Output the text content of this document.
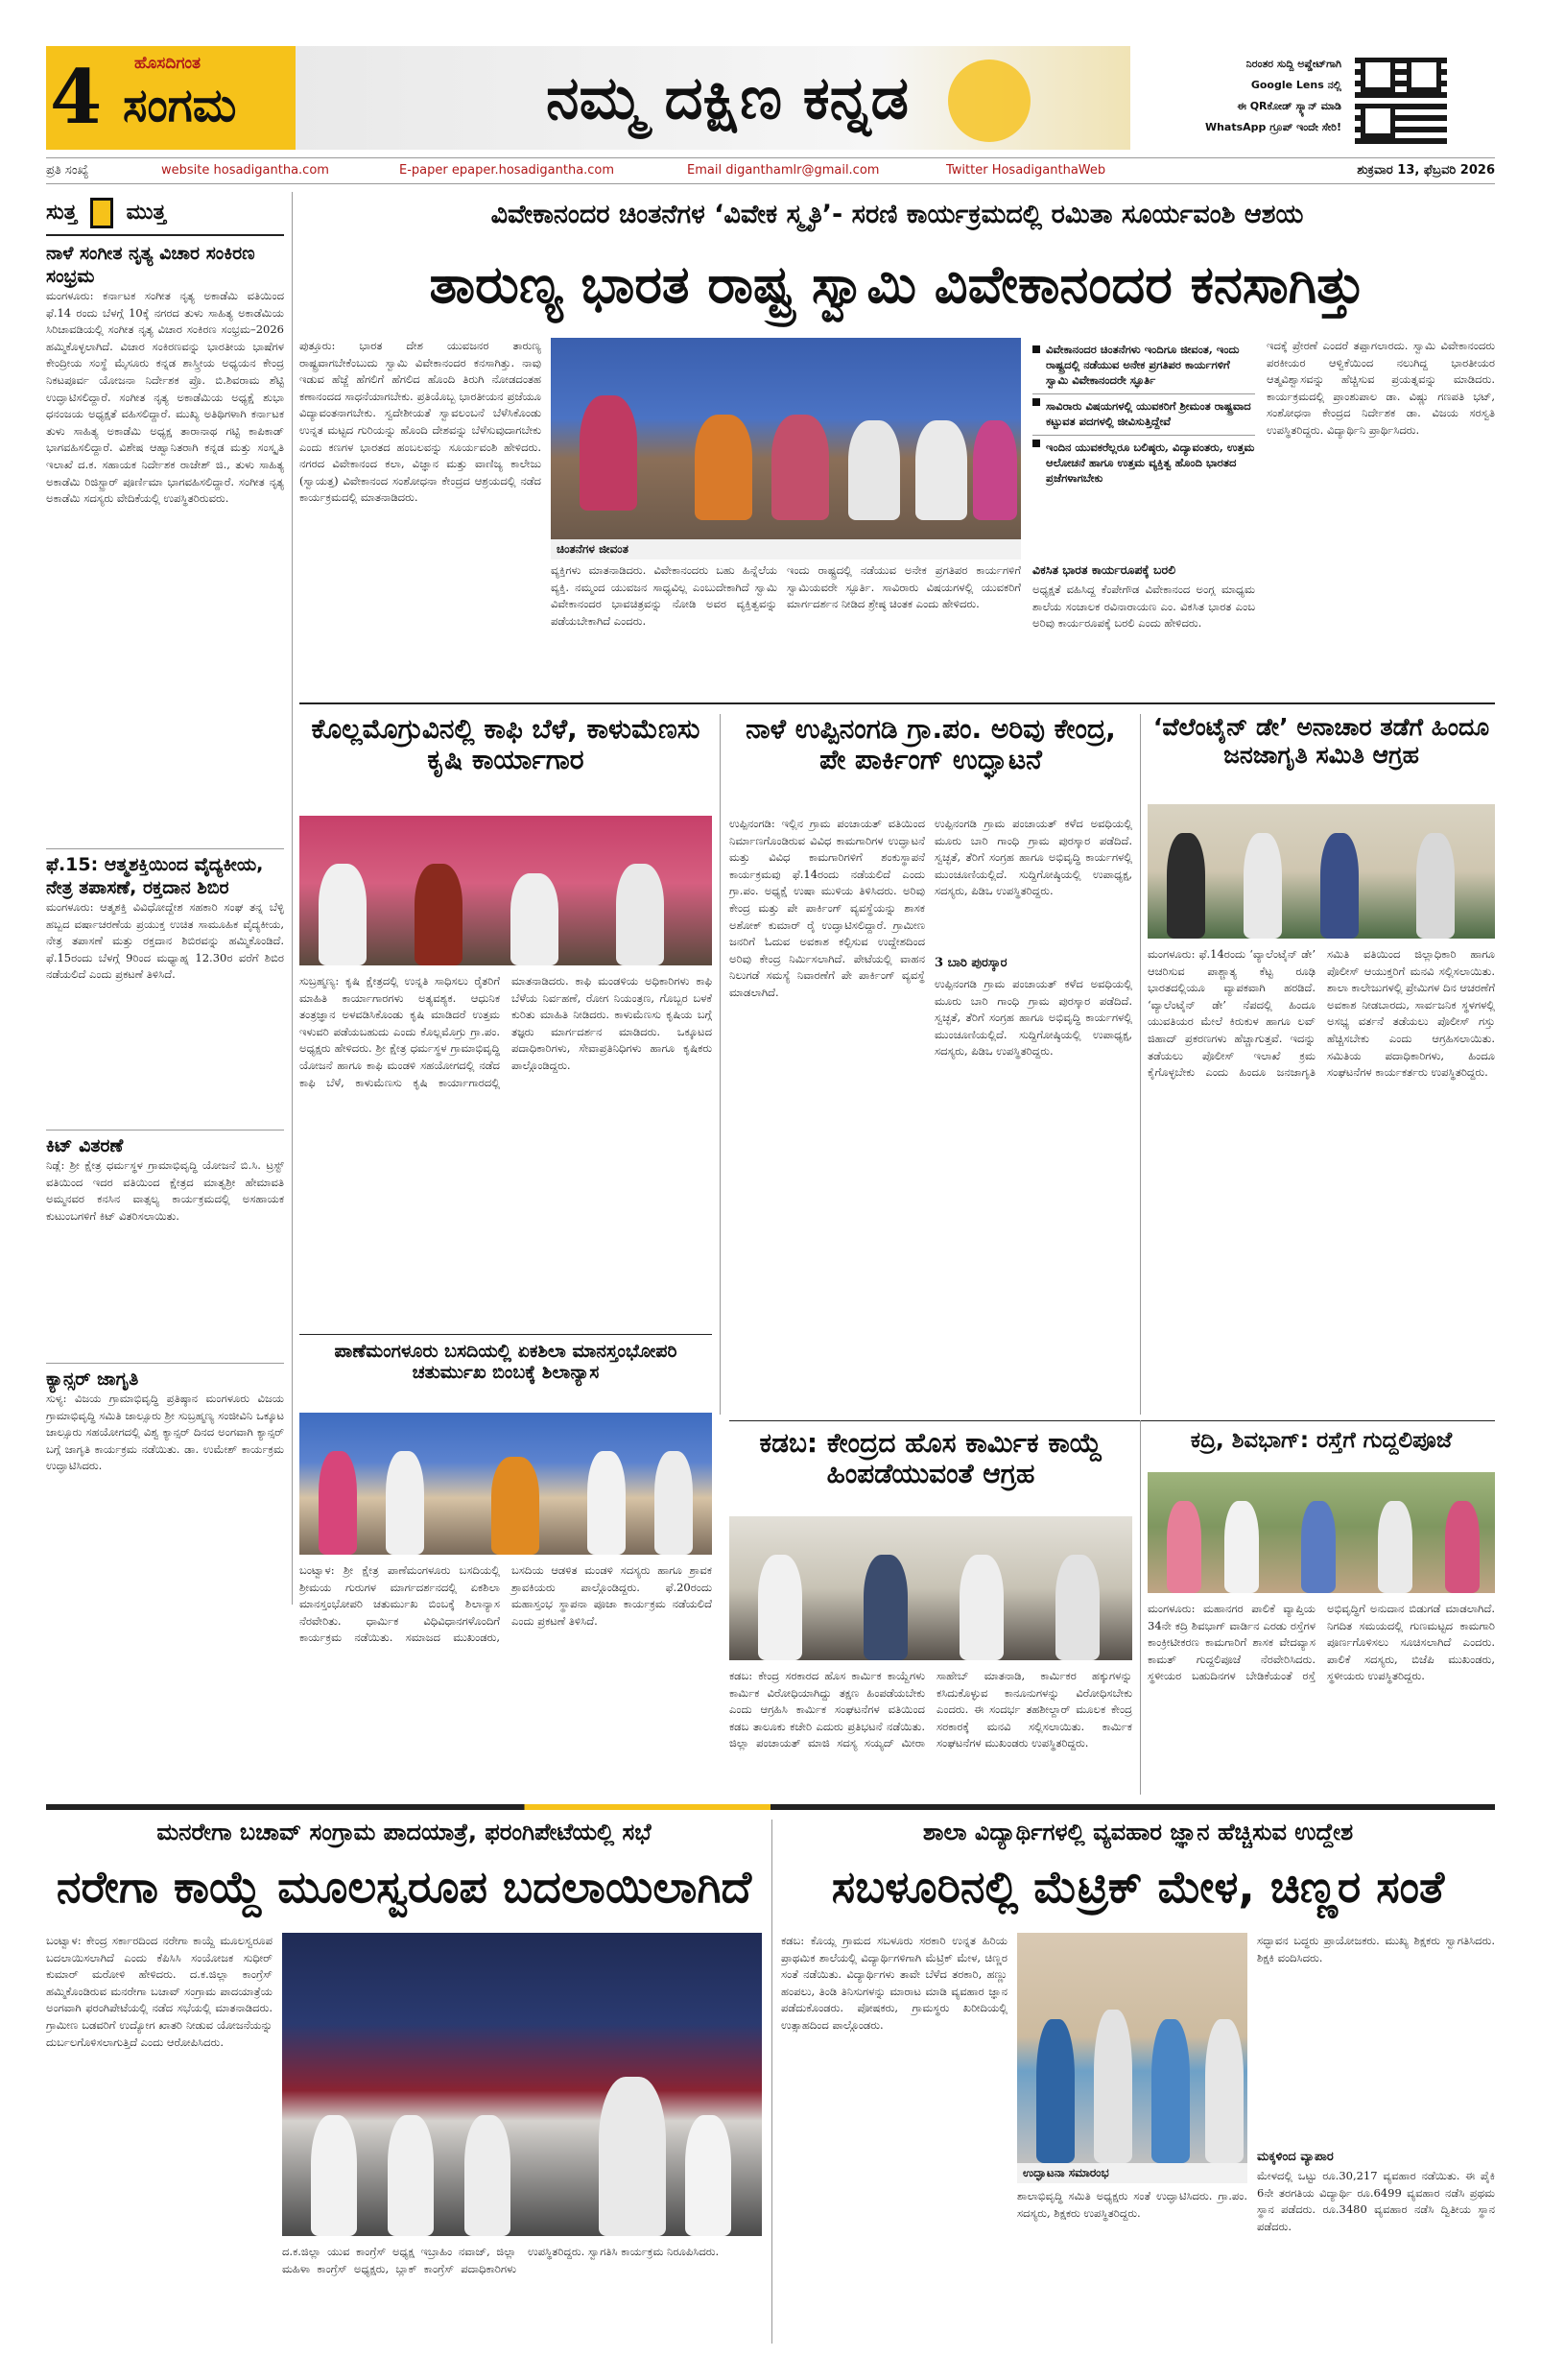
4 ಹೊಸದಿಗಂತ
ಸಂಗಮ	ನಮ್ಮ ದಕ್ಷಿಣ ಕನ್ನಡ	ನಿರಂತರ ಸುದ್ದಿ ಅಪ್ಡೇಟ್‌ಗಾಗಿ
Google Lens ನಲ್ಲಿ
ಈ QRಕೋಡ್ ಸ್ಕ್ಯಾನ್ ಮಾಡಿ
WhatsApp ಗ್ರೂಪ್ ಇಂದೇ ಸೇರಿ!
ಪ್ರತಿ ಸಂಖ್ಯೆ	website hosadigantha.com	E-paper epaper.hosadigantha.com	Email diganthamlr@gmail.com	Twitter HosadiganthaWeb	ಶುಕ್ರವಾರ 13, ಫೆಬ್ರವರಿ 2026
ಸುತ್ತ ಮುತ್ತ
ನಾಳೆ ಸಂಗೀತ ನೃತ್ಯ ವಿಚಾರ ಸಂಕಿರಣ ಸಂಭ್ರಮ
ಮಂಗಳೂರು: ಕರ್ನಾಟಕ ಸಂಗೀತ ನೃತ್ಯ ಅಕಾಡೆಮಿ ವತಿಯಿಂದ ಫೆ.14 ರಂದು ಬೆಳಗ್ಗೆ 10ಕ್ಕೆ ನಗರದ ತುಳು ಸಾಹಿತ್ಯ ಅಕಾಡೆಮಿಯ ಸಿರಿಚಾವಡಿಯಲ್ಲಿ ಸಂಗೀತ ನೃತ್ಯ ವಿಚಾರ ಸಂಕಿರಣ ಸಂಭ್ರಮ–2026 ಹಮ್ಮಿಕೊಳ್ಳಲಾಗಿದೆ. ವಿಚಾರ ಸಂಕಿರಣವನ್ನು ಭಾರತೀಯ ಭಾಷೆಗಳ ಕೇಂದ್ರೀಯ ಸಂಸ್ಥೆ ಮೈಸೂರು ಕನ್ನಡ ಶಾಸ್ತ್ರೀಯ ಅಧ್ಯಯನ ಕೇಂದ್ರ ನಿಕಟಪೂರ್ವ ಯೋಜನಾ ನಿರ್ದೇಶಕ ಪ್ರೊ. ಬಿ.ಶಿವರಾಮ ಶೆಟ್ಟಿ ಉದ್ಘಾಟಿಸಲಿದ್ದಾರೆ. ಸಂಗೀತ ನೃತ್ಯ ಅಕಾಡೆಮಿಯ ಅಧ್ಯಕ್ಷೆ ಶುಭಾ ಧನಂಜಯ ಅಧ್ಯಕ್ಷತೆ ವಹಿಸಲಿದ್ದಾರೆ. ಮುಖ್ಯ ಅತಿಥಿಗಳಾಗಿ ಕರ್ನಾಟಕ ತುಳು ಸಾಹಿತ್ಯ ಅಕಾಡೆಮಿ ಅಧ್ಯಕ್ಷ ತಾರಾನಾಥ ಗಟ್ಟಿ ಕಾಪಿಕಾಡ್ ಭಾಗವಹಿಸಲಿದ್ದಾರೆ. ವಿಶೇಷ ಆಹ್ವಾನಿತರಾಗಿ ಕನ್ನಡ ಮತ್ತು ಸಂಸ್ಕೃತಿ ಇಲಾಖೆ ದ.ಕ. ಸಹಾಯಕ ನಿರ್ದೇಶಕ ರಾಜೇಶ್ ಜಿ., ತುಳು ಸಾಹಿತ್ಯ ಅಕಾಡೆಮಿ ರಿಜಿಸ್ಟ್ರಾರ್ ಪೂರ್ಣಿಮಾ ಭಾಗವಹಿಸಲಿದ್ದಾರೆ. ಸಂಗೀತ ನೃತ್ಯ ಅಕಾಡೆಮಿ ಸದಸ್ಯರು ವೇದಿಕೆಯಲ್ಲಿ ಉಪಸ್ಥಿತರಿರುವರು.
ಫೆ.15: ಆತ್ಮಶಕ್ತಿಯಿಂದ ವೈದ್ಯಕೀಯ, ನೇತ್ರ ತಪಾಸಣೆ, ರಕ್ತದಾನ ಶಿಬಿರ
ಮಂಗಳೂರು: ಆತ್ಮಶಕ್ತಿ ವಿವಿಧೋದ್ದೇಶ ಸಹಕಾರಿ ಸಂಘ ತನ್ನ ಬೆಳ್ಳಿ ಹಬ್ಬದ ವರ್ಷಾಚರಣೆಯ ಪ್ರಯುಕ್ತ ಉಚಿತ ಸಾಮೂಹಿಕ ವೈದ್ಯಕೀಯ, ನೇತ್ರ ತಪಾಸಣೆ ಮತ್ತು ರಕ್ತದಾನ ಶಿಬಿರವನ್ನು ಹಮ್ಮಿಕೊಂಡಿದೆ. ಫೆ.15ರಂದು ಬೆಳಗ್ಗೆ 9ರಿಂದ ಮಧ್ಯಾಹ್ನ 12.30ರ ವರೆಗೆ ಶಿಬಿರ ನಡೆಯಲಿದೆ ಎಂದು ಪ್ರಕಟಣೆ ತಿಳಿಸಿದೆ.
ಕಿಟ್ ವಿತರಣೆ
ನಿಡ್ಲೆ: ಶ್ರೀ ಕ್ಷೇತ್ರ ಧರ್ಮಸ್ಥಳ ಗ್ರಾಮಾಭಿವೃದ್ಧಿ ಯೋಜನೆ ಬಿ.ಸಿ. ಟ್ರಸ್ಟ್ ವತಿಯಿಂದ ಇದರ ವತಿಯಿಂದ ಕ್ಷೇತ್ರದ ಮಾತೃಶ್ರೀ ಹೇಮಾವತಿ ಅಮ್ಮನವರ ಕನಸಿನ ವಾತ್ಸಲ್ಯ ಕಾರ್ಯಕ್ರಮದಲ್ಲಿ ಅಸಹಾಯಕ ಕುಟುಂಬಗಳಿಗೆ ಕಿಟ್ ವಿತರಿಸಲಾಯಿತು.
ಕ್ಯಾನ್ಸರ್ ಜಾಗೃತಿ
ಸುಳ್ಯ: ವಿಜಯ ಗ್ರಾಮಾಭಿವೃದ್ಧಿ ಪ್ರತಿಷ್ಠಾನ ಮಂಗಳೂರು ವಿಜಯ ಗ್ರಾಮಾಭಿವೃದ್ಧಿ ಸಮಿತಿ ಜಾಲ್ಸೂರು ಶ್ರೀ ಸುಬ್ರಹ್ಮಣ್ಯ ಸಂಜೀವಿನಿ ಒಕ್ಕೂಟ ಜಾಲ್ಸೂರು ಸಹಯೋಗದಲ್ಲಿ ವಿಶ್ವ ಕ್ಯಾನ್ಸರ್ ದಿನದ ಅಂಗವಾಗಿ ಕ್ಯಾನ್ಸರ್ ಬಗ್ಗೆ ಜಾಗೃತಿ ಕಾರ್ಯಕ್ರಮ ನಡೆಯಿತು. ಡಾ. ಉಮೇಶ್ ಕಾರ್ಯಕ್ರಮ ಉದ್ಘಾಟಿಸಿದರು.
ವಿವೇಕಾನಂದರ ಚಿಂತನೆಗಳ ‘ವಿವೇಕ ಸ್ಮೃತಿ’- ಸರಣಿ ಕಾರ್ಯಕ್ರಮದಲ್ಲಿ ರಮಿತಾ ಸೂರ್ಯವಂಶಿ ಆಶಯ
ತಾರುಣ್ಯ ಭಾರತ ರಾಷ್ಟ್ರ ಸ್ವಾಮಿ ವಿವೇಕಾನಂದರ ಕನಸಾಗಿತ್ತು
ಪುತ್ತೂರು: ಭಾರತ ದೇಶ ಯುವಜನರ ತಾರುಣ್ಯ ರಾಷ್ಟ್ರವಾಗಬೇಕೆಂಬುದು ಸ್ವಾಮಿ ವಿವೇಕಾನಂದರ ಕನಸಾಗಿತ್ತು. ನಾವು ಇಡುವ ಹೆಜ್ಜೆ ಹೆಗಲಿಗೆ ಹೆಗಲಿದ ಹೊಂದಿ ತಿರುಗಿ ನೋಡದಂತಹ ಕಣಾನಂದದ ಸಾಧನೆಯಾಗಬೇಕು. ಪ್ರತಿಯೊಬ್ಬ ಭಾರತೀಯನ ಪ್ರಜೆಯೂ ವಿದ್ಯಾವಂತನಾಗಬೇಕು. ಸ್ವದೇಶೀಯತೆ ಸ್ವಾವಲಂಬನೆ ಬೆಳೆಸಿಕೊಂಡು ಉನ್ನತ ಮಟ್ಟದ ಗುರಿಯನ್ನು ಹೊಂದಿ ದೇಶವನ್ನು ಬೆಳೆಸುವುದಾಗಬೇಕು ಎಂದು ಕಣಗಳ ಭಾರತದ ಹಂಬಲವನ್ನು ಸೂರ್ಯವಂಶಿ ಹೇಳಿದರು. ನಗರದ ವಿವೇಕಾನಂದ ಕಲಾ, ವಿಜ್ಞಾನ ಮತ್ತು ವಾಣಿಜ್ಯ ಕಾಲೇಜು (ಸ್ವಾಯತ್ತ) ವಿವೇಕಾನಂದ ಸಂಶೋಧನಾ ಕೇಂದ್ರದ ಆಶ್ರಯದಲ್ಲಿ ನಡೆದ ಕಾರ್ಯಕ್ರಮದಲ್ಲಿ ಮಾತನಾಡಿದರು.
ಚಿಂತನೆಗಳ ಜೀವಂತ
ವ್ಯಕ್ತಿಗಳು ಮಾತನಾಡಿದರು. ವಿವೇಕಾನಂದರು ಬಹು ಹಿನ್ನೆಲೆಯ ವ್ಯಕ್ತಿ. ನಮ್ಮಂದ ಯುವಜನ ಸಾಧ್ಯವಿಲ್ಲ ಎಂಬುದೇಕಾಗಿದೆ ಸ್ವಾಮಿ ವಿವೇಕಾನಂದರ ಭಾವಚಿತ್ರವನ್ನು ನೋಡಿ ಅವರ ವ್ಯಕ್ತಿತ್ವವನ್ನು ಪಡೆಯಬೇಕಾಗಿದೆ ಎಂದರು.
ಇಂದು ರಾಷ್ಟ್ರದಲ್ಲಿ ನಡೆಯುವ ಅನೇಕ ಪ್ರಗತಿಪರ ಕಾರ್ಯಗಳಿಗೆ ಸ್ವಾಮಿಯವರೇ ಸ್ಫೂರ್ತಿ. ಸಾವಿರಾರು ವಿಷಯಗಳಲ್ಲಿ ಯುವಕರಿಗೆ ಮಾರ್ಗದರ್ಶನ ನೀಡಿದ ಶ್ರೇಷ್ಠ ಚಿಂತಕ ಎಂದು ಹೇಳಿದರು.
ವಿವೇಕಾನಂದರ ಚಿಂತನೆಗಳು ಇಂದಿಗೂ ಜೀವಂತ, ಇಂದು ರಾಷ್ಟ್ರದಲ್ಲಿ ನಡೆಯುವ ಅನೇಕ ಪ್ರಗತಿಪರ ಕಾರ್ಯಗಳಿಗೆ ಸ್ವಾಮಿ ವಿವೇಕಾನಂದರೇ ಸ್ಫೂರ್ತಿ
ಸಾವಿರಾರು ವಿಷಯಗಳಲ್ಲಿ ಯುವಕರಿಗೆ ಶ್ರೀಮಂತ ರಾಷ್ಟ್ರವಾದ ಕಟ್ಟುವತ ಪದಗಳಲ್ಲಿ ಜೀವಿಸುತ್ತಿದ್ದೇವೆ
ಇಂದಿನ ಯುವಕರೆಲ್ಲರೂ ಬಲಿಷ್ಠರು, ವಿದ್ಯಾವಂತರು, ಉತ್ತಮ ಆಲೋಚನೆ ಹಾಗೂ ಉತ್ತಮ ವ್ಯಕ್ತಿತ್ವ ಹೊಂದಿ ಭಾರತದ ಪ್ರಜೆಗಳಾಗಬೇಕು
ವಿಕಸಿತ ಭಾರತ ಕಾರ್ಯರೂಪಕ್ಕೆ ಬರಲಿ
ಅಧ್ಯಕ್ಷತೆ ವಹಿಸಿದ್ದ ಕೆಂಪೇಗೌಡ ವಿವೇಕಾನಂದ ಅಂಗ್ಲ ಮಾಧ್ಯಮ ಶಾಲೆಯ ಸಂಚಾಲಕ ರವಿನಾರಾಯಣ ಎಂ. ವಿಕಸಿತ ಭಾರತ ಎಂಬ ಅರಿವು ಕಾರ್ಯರೂಪಕ್ಕೆ ಬರಲಿ ಎಂದು ಹೇಳಿದರು.
ಇದಕ್ಕೆ ಪ್ರೇರಣೆ ಎಂದರೆ ತಪ್ಪಾಗಲಾರದು. ಸ್ವಾಮಿ ವಿವೇಕಾನಂದರು ಪರಕೀಯರ ಆಳ್ವಿಕೆಯಿಂದ ನಲುಗಿದ್ದ ಭಾರತೀಯರ ಆತ್ಮವಿಶ್ವಾಸವನ್ನು ಹೆಚ್ಚಿಸುವ ಪ್ರಯತ್ನವನ್ನು ಮಾಡಿದರು. ಕಾರ್ಯಕ್ರಮದಲ್ಲಿ ಪ್ರಾಂಶುಪಾಲ ಡಾ. ವಿಷ್ಣು ಗಣಪತಿ ಭಟ್, ಸಂಶೋಧನಾ ಕೇಂದ್ರದ ನಿರ್ದೇಶಕ ಡಾ. ವಿಜಯ ಸರಸ್ವತಿ ಉಪಸ್ಥಿತರಿದ್ದರು. ವಿದ್ಯಾರ್ಥಿನಿ ಪ್ರಾರ್ಥಿಸಿದರು.
ಕೊಲ್ಲಮೊಗ್ರುವಿನಲ್ಲಿ ಕಾಫಿ ಬೆಳೆ, ಕಾಳುಮೆಣಸು ಕೃಷಿ ಕಾರ್ಯಾಗಾರ
ಸುಬ್ರಹ್ಮಣ್ಯ: ಕೃಷಿ ಕ್ಷೇತ್ರದಲ್ಲಿ ಉನ್ನತಿ ಸಾಧಿಸಲು ರೈತರಿಗೆ ಮಾಹಿತಿ ಕಾರ್ಯಾಗಾರಗಳು ಅತ್ಯವಶ್ಯಕ. ಆಧುನಿಕ ತಂತ್ರಜ್ಞಾನ ಅಳವಡಿಸಿಕೊಂಡು ಕೃಷಿ ಮಾಡಿದರೆ ಉತ್ತಮ ಇಳುವರಿ ಪಡೆಯಬಹುದು ಎಂದು ಕೊಲ್ಲಮೊಗ್ರು ಗ್ರಾ.ಪಂ. ಅಧ್ಯಕ್ಷರು ಹೇಳಿದರು. ಶ್ರೀ ಕ್ಷೇತ್ರ ಧರ್ಮಸ್ಥಳ ಗ್ರಾಮಾಭಿವೃದ್ಧಿ ಯೋಜನೆ ಹಾಗೂ ಕಾಫಿ ಮಂಡಳಿ ಸಹಯೋಗದಲ್ಲಿ ನಡೆದ ಕಾಫಿ ಬೆಳೆ, ಕಾಳುಮೆಣಸು ಕೃಷಿ ಕಾರ್ಯಾಗಾರದಲ್ಲಿ ಮಾತನಾಡಿದರು. ಕಾಫಿ ಮಂಡಳಿಯ ಅಧಿಕಾರಿಗಳು ಕಾಫಿ ಬೆಳೆಯ ನಿರ್ವಹಣೆ, ರೋಗ ನಿಯಂತ್ರಣ, ಗೊಬ್ಬರ ಬಳಕೆ ಕುರಿತು ಮಾಹಿತಿ ನೀಡಿದರು. ಕಾಳುಮೆಣಸು ಕೃಷಿಯ ಬಗ್ಗೆ ತಜ್ಞರು ಮಾರ್ಗದರ್ಶನ ಮಾಡಿದರು. ಒಕ್ಕೂಟದ ಪದಾಧಿಕಾರಿಗಳು, ಸೇವಾಪ್ರತಿನಿಧಿಗಳು ಹಾಗೂ ಕೃಷಿಕರು ಪಾಲ್ಗೊಂಡಿದ್ದರು.
ನಾಳೆ ಉಪ್ಪಿನಂಗಡಿ ಗ್ರಾ.ಪಂ. ಅರಿವು ಕೇಂದ್ರ, ಪೇ ಪಾರ್ಕಿಂಗ್ ಉದ್ಘಾಟನೆ
ಉಪ್ಪಿನಂಗಡಿ: ಇಲ್ಲಿನ ಗ್ರಾಮ ಪಂಚಾಯತ್ ವತಿಯಿಂದ ನಿರ್ಮಾಣಗೊಂಡಿರುವ ವಿವಿಧ ಕಾಮಗಾರಿಗಳ ಉದ್ಘಾಟನೆ ಮತ್ತು ವಿವಿಧ ಕಾಮಗಾರಿಗಳಿಗೆ ಶಂಕುಸ್ಥಾಪನೆ ಕಾರ್ಯಕ್ರಮವು ಫೆ.14ರಂದು ನಡೆಯಲಿದೆ ಎಂದು ಗ್ರಾ.ಪಂ. ಅಧ್ಯಕ್ಷೆ ಉಷಾ ಮುಳಿಯ ತಿಳಿಸಿದರು. ಅರಿವು ಕೇಂದ್ರ ಮತ್ತು ಪೇ ಪಾರ್ಕಿಂಗ್ ವ್ಯವಸ್ಥೆಯನ್ನು ಶಾಸಕ ಅಶೋಕ್ ಕುಮಾರ್ ರೈ ಉದ್ಘಾಟಿಸಲಿದ್ದಾರೆ. ಗ್ರಾಮೀಣ ಜನರಿಗೆ ಓದುವ ಅವಕಾಶ ಕಲ್ಪಿಸುವ ಉದ್ದೇಶದಿಂದ ಅರಿವು ಕೇಂದ್ರ ನಿರ್ಮಿಸಲಾಗಿದೆ. ಪೇಟೆಯಲ್ಲಿ ವಾಹನ ನಿಲುಗಡೆ ಸಮಸ್ಯೆ ನಿವಾರಣೆಗೆ ಪೇ ಪಾರ್ಕಿಂಗ್ ವ್ಯವಸ್ಥೆ ಮಾಡಲಾಗಿದೆ.
ಉಪ್ಪಿನಂಗಡಿ ಗ್ರಾಮ ಪಂಚಾಯತ್ ಕಳೆದ ಅವಧಿಯಲ್ಲಿ ಮೂರು ಬಾರಿ ಗಾಂಧಿ ಗ್ರಾಮ ಪುರಸ್ಕಾರ ಪಡೆದಿದೆ. ಸ್ವಚ್ಛತೆ, ತೆರಿಗೆ ಸಂಗ್ರಹ ಹಾಗೂ ಅಭಿವೃದ್ಧಿ ಕಾರ್ಯಗಳಲ್ಲಿ ಮುಂಚೂಣಿಯಲ್ಲಿದೆ. ಸುದ್ದಿಗೋಷ್ಠಿಯಲ್ಲಿ ಉಪಾಧ್ಯಕ್ಷ, ಸದಸ್ಯರು, ಪಿಡಿಒ ಉಪಸ್ಥಿತರಿದ್ದರು.
3 ಬಾರಿ ಪುರಸ್ಕಾರ
ಉಪ್ಪಿನಂಗಡಿ ಗ್ರಾಮ ಪಂಚಾಯತ್ ಕಳೆದ ಅವಧಿಯಲ್ಲಿ ಮೂರು ಬಾರಿ ಗಾಂಧಿ ಗ್ರಾಮ ಪುರಸ್ಕಾರ ಪಡೆದಿದೆ. ಸ್ವಚ್ಛತೆ, ತೆರಿಗೆ ಸಂಗ್ರಹ ಹಾಗೂ ಅಭಿವೃದ್ಧಿ ಕಾರ್ಯಗಳಲ್ಲಿ ಮುಂಚೂಣಿಯಲ್ಲಿದೆ. ಸುದ್ದಿಗೋಷ್ಠಿಯಲ್ಲಿ ಉಪಾಧ್ಯಕ್ಷ, ಸದಸ್ಯರು, ಪಿಡಿಒ ಉಪಸ್ಥಿತರಿದ್ದರು.
‘ವೆಲೆಂಟೈನ್ ಡೇ’ ಅನಾಚಾರ ತಡೆಗೆ ಹಿಂದೂ ಜನಜಾಗೃತಿ ಸಮಿತಿ ಆಗ್ರಹ
ಮಂಗಳೂರು: ಫೆ.14ರಂದು ‘ವ್ಯಾಲೆಂಟೈನ್ ಡೇ’ ಆಚರಿಸುವ ಪಾಶ್ಚಾತ್ಯ ಕೆಟ್ಟ ರೂಢಿ ಭಾರತದಲ್ಲಿಯೂ ವ್ಯಾಪಕವಾಗಿ ಹರಡಿದೆ. ‘ವ್ಯಾಲೆಂಟೈನ್ ಡೇ’ ನೆಪದಲ್ಲಿ ಹಿಂದೂ ಯುವತಿಯರ ಮೇಲೆ ಕಿರುಕುಳ ಹಾಗೂ ಲವ್ ಜಿಹಾದ್ ಪ್ರಕರಣಗಳು ಹೆಚ್ಚಾಗುತ್ತವೆ. ಇದನ್ನು ತಡೆಯಲು ಪೊಲೀಸ್ ಇಲಾಖೆ ಕ್ರಮ ಕೈಗೊಳ್ಳಬೇಕು ಎಂದು ಹಿಂದೂ ಜನಜಾಗೃತಿ ಸಮಿತಿ ವತಿಯಿಂದ ಜಿಲ್ಲಾಧಿಕಾರಿ ಹಾಗೂ ಪೊಲೀಸ್ ಆಯುಕ್ತರಿಗೆ ಮನವಿ ಸಲ್ಲಿಸಲಾಯಿತು. ಶಾಲಾ ಕಾಲೇಜುಗಳಲ್ಲಿ ಪ್ರೇಮಿಗಳ ದಿನ ಆಚರಣೆಗೆ ಅವಕಾಶ ನೀಡಬಾರದು, ಸಾರ್ವಜನಿಕ ಸ್ಥಳಗಳಲ್ಲಿ ಅಸಭ್ಯ ವರ್ತನೆ ತಡೆಯಲು ಪೊಲೀಸ್ ಗಸ್ತು ಹೆಚ್ಚಿಸಬೇಕು ಎಂದು ಆಗ್ರಹಿಸಲಾಯಿತು. ಸಮಿತಿಯ ಪದಾಧಿಕಾರಿಗಳು, ಹಿಂದೂ ಸಂಘಟನೆಗಳ ಕಾರ್ಯಕರ್ತರು ಉಪಸ್ಥಿತರಿದ್ದರು.
ಪಾಣೆಮಂಗಳೂರು ಬಸದಿಯಲ್ಲಿ ಏಕಶಿಲಾ ಮಾನಸ್ತಂಭೋಪರಿ ಚತುರ್ಮುಖ ಬಿಂಬಕ್ಕೆ ಶಿಲಾನ್ಯಾಸ
ಬಂಟ್ವಾಳ: ಶ್ರೀ ಕ್ಷೇತ್ರ ಪಾಣೆಮಂಗಳೂರು ಬಸದಿಯಲ್ಲಿ ಶ್ರೀಮಯ ಗುರುಗಳ ಮಾರ್ಗದರ್ಶನದಲ್ಲಿ ಏಕಶಿಲಾ ಮಾನಸ್ತಂಭೋಪರಿ ಚತುರ್ಮುಖ ಬಿಂಬಕ್ಕೆ ಶಿಲಾನ್ಯಾಸ ನೆರವೇರಿತು. ಧಾರ್ಮಿಕ ವಿಧಿವಿಧಾನಗಳೊಂದಿಗೆ ಕಾರ್ಯಕ್ರಮ ನಡೆಯಿತು. ಸಮಾಜದ ಮುಖಂಡರು, ಬಸದಿಯ ಆಡಳಿತ ಮಂಡಳಿ ಸದಸ್ಯರು ಹಾಗೂ ಶ್ರಾವಕ ಶ್ರಾವಕಿಯರು ಪಾಲ್ಗೊಂಡಿದ್ದರು. ಫೆ.20ರಂದು ಮಹಾಸ್ತಂಭ ಸ್ಥಾಪನಾ ಪೂಜಾ ಕಾರ್ಯಕ್ರಮ ನಡೆಯಲಿದೆ ಎಂದು ಪ್ರಕಟಣೆ ತಿಳಿಸಿದೆ.
ಕಡಬ: ಕೇಂದ್ರದ ಹೊಸ ಕಾರ್ಮಿಕ ಕಾಯ್ದೆ ಹಿಂಪಡೆಯುವಂತೆ ಆಗ್ರಹ
ಕಡಬ: ಕೇಂದ್ರ ಸರಕಾರದ ಹೊಸ ಕಾರ್ಮಿಕ ಕಾಯ್ದೆಗಳು ಕಾರ್ಮಿಕ ವಿರೋಧಿಯಾಗಿದ್ದು ತಕ್ಷಣ ಹಿಂಪಡೆಯಬೇಕು ಎಂದು ಆಗ್ರಹಿಸಿ ಕಾರ್ಮಿಕ ಸಂಘಟನೆಗಳ ವತಿಯಿಂದ ಕಡಬ ತಾಲೂಕು ಕಚೇರಿ ಎದುರು ಪ್ರತಿಭಟನೆ ನಡೆಯಿತು. ಜಿಲ್ಲಾ ಪಂಚಾಯತ್ ಮಾಜಿ ಸದಸ್ಯ ಸಯ್ಯದ್ ಮೀರಾ ಸಾಹೇಬ್ ಮಾತನಾಡಿ, ಕಾರ್ಮಿಕರ ಹಕ್ಕುಗಳನ್ನು ಕಸಿದುಕೊಳ್ಳುವ ಕಾನೂನುಗಳನ್ನು ವಿರೋಧಿಸಬೇಕು ಎಂದರು. ಈ ಸಂದರ್ಭ ತಹಶೀಲ್ದಾರ್ ಮೂಲಕ ಕೇಂದ್ರ ಸರಕಾರಕ್ಕೆ ಮನವಿ ಸಲ್ಲಿಸಲಾಯಿತು. ಕಾರ್ಮಿಕ ಸಂಘಟನೆಗಳ ಮುಖಂಡರು ಉಪಸ್ಥಿತರಿದ್ದರು.
ಕದ್ರಿ, ಶಿವಭಾಗ್: ರಸ್ತೆಗೆ ಗುದ್ದಲಿಪೂಜೆ
ಮಂಗಳೂರು: ಮಹಾನಗರ ಪಾಲಿಕೆ ವ್ಯಾಪ್ತಿಯ 34ನೇ ಕದ್ರಿ ಶಿವಭಾಗ್ ವಾರ್ಡಿನ ಎರಡು ರಸ್ತೆಗಳ ಕಾಂಕ್ರೀಟೀಕರಣ ಕಾಮಗಾರಿಗೆ ಶಾಸಕ ವೇದವ್ಯಾಸ ಕಾಮತ್ ಗುದ್ದಲಿಪೂಜೆ ನೆರವೇರಿಸಿದರು. ಸ್ಥಳೀಯರ ಬಹುದಿನಗಳ ಬೇಡಿಕೆಯಂತೆ ರಸ್ತೆ ಅಭಿವೃದ್ಧಿಗೆ ಅನುದಾನ ಬಿಡುಗಡೆ ಮಾಡಲಾಗಿದೆ. ನಿಗದಿತ ಸಮಯದಲ್ಲಿ ಗುಣಮಟ್ಟದ ಕಾಮಗಾರಿ ಪೂರ್ಣಗೊಳಿಸಲು ಸೂಚಿಸಲಾಗಿದೆ ಎಂದರು. ಪಾಲಿಕೆ ಸದಸ್ಯರು, ಬಿಜೆಪಿ ಮುಖಂಡರು, ಸ್ಥಳೀಯರು ಉಪಸ್ಥಿತರಿದ್ದರು.
ಮನರೇಗಾ ಬಚಾವ್ ಸಂಗ್ರಾಮ ಪಾದಯಾತ್ರೆ, ಫರಂಗಿಪೇಟೆಯಲ್ಲಿ ಸಭೆ
ನರೇಗಾ ಕಾಯ್ದೆ ಮೂಲಸ್ವರೂಪ ಬದಲಾಯಿಲಾಗಿದೆ
ಬಂಟ್ವಾಳ: ಕೇಂದ್ರ ಸರ್ಕಾರದಿಂದ ನರೇಗಾ ಕಾಯ್ದೆ ಮೂಲಸ್ವರೂಪ ಬದಲಾಯಿಸಲಾಗಿದೆ ಎಂದು ಕೆಪಿಸಿಸಿ ಸಂಯೋಜಕ ಸುಧೀರ್ ಕುಮಾರ್ ಮರೋಳಿ ಹೇಳಿದರು. ದ.ಕ.ಜಿಲ್ಲಾ ಕಾಂಗ್ರೆಸ್ ಹಮ್ಮಿಕೊಂಡಿರುವ ಮನರೇಗಾ ಬಚಾವ್ ಸಂಗ್ರಾಮ ಪಾದಯಾತ್ರೆಯ ಅಂಗವಾಗಿ ಫರಂಗಿಪೇಟೆಯಲ್ಲಿ ನಡೆದ ಸಭೆಯಲ್ಲಿ ಮಾತನಾಡಿದರು. ಗ್ರಾಮೀಣ ಬಡವರಿಗೆ ಉದ್ಯೋಗ ಖಾತರಿ ನೀಡುವ ಯೋಜನೆಯನ್ನು ದುರ್ಬಲಗೊಳಿಸಲಾಗುತ್ತಿದೆ ಎಂದು ಆರೋಪಿಸಿದರು.
ದ.ಕ.ಜಿಲ್ಲಾ ಯುವ ಕಾಂಗ್ರೆಸ್ ಅಧ್ಯಕ್ಷ ಇಬ್ರಾಹಿಂ ನವಾಜ್, ಜಿಲ್ಲಾ ಮಹಿಳಾ ಕಾಂಗ್ರೆಸ್ ಅಧ್ಯಕ್ಷರು, ಬ್ಲಾಕ್ ಕಾಂಗ್ರೆಸ್ ಪದಾಧಿಕಾರಿಗಳು ಉಪಸ್ಥಿತರಿದ್ದರು. ಸ್ವಾಗತಿಸಿ ಕಾರ್ಯಕ್ರಮ ನಿರೂಪಿಸಿದರು.
ಶಾಲಾ ವಿದ್ಯಾರ್ಥಿಗಳಲ್ಲಿ ವ್ಯವಹಾರ ಜ್ಞಾನ ಹೆಚ್ಚಿಸುವ ಉದ್ದೇಶ
ಸಬಳೂರಿನಲ್ಲಿ ಮೆಟ್ರಿಕ್ ಮೇಳ, ಚಿಣ್ಣರ ಸಂತೆ
ಕಡಬ: ಕೊಯ್ಲ ಗ್ರಾಮದ ಸಬಳೂರು ಸರಕಾರಿ ಉನ್ನತ ಹಿರಿಯ ಪ್ರಾಥಮಿಕ ಶಾಲೆಯಲ್ಲಿ ವಿದ್ಯಾರ್ಥಿಗಳಿಗಾಗಿ ಮೆಟ್ರಿಕ್ ಮೇಳ, ಚಿಣ್ಣರ ಸಂತೆ ನಡೆಯಿತು. ವಿದ್ಯಾರ್ಥಿಗಳು ತಾವೇ ಬೆಳೆದ ತರಕಾರಿ, ಹಣ್ಣು ಹಂಪಲು, ತಿಂಡಿ ತಿನಿಸುಗಳನ್ನು ಮಾರಾಟ ಮಾಡಿ ವ್ಯವಹಾರ ಜ್ಞಾನ ಪಡೆದುಕೊಂಡರು. ಪೋಷಕರು, ಗ್ರಾಮಸ್ಥರು ಖರೀದಿಯಲ್ಲಿ ಉತ್ಸಾಹದಿಂದ ಪಾಲ್ಗೊಂಡರು.
ಉದ್ಘಾಟನಾ ಸಮಾರಂಭ
ಶಾಲಾಭಿವೃದ್ಧಿ ಸಮಿತಿ ಅಧ್ಯಕ್ಷರು ಸಂತೆ ಉದ್ಘಾಟಿಸಿದರು. ಗ್ರಾ.ಪಂ. ಸದಸ್ಯರು, ಶಿಕ್ಷಕರು ಉಪಸ್ಥಿತರಿದ್ದರು.
ಸದ್ಭಾವನ ಬದ್ಧರು ಪ್ರಾಯೋಜಕರು. ಮುಖ್ಯ ಶಿಕ್ಷಕರು ಸ್ವಾಗತಿಸಿದರು. ಶಿಕ್ಷಕಿ ವಂದಿಸಿದರು.
ಮಕ್ಕಳಿಂದ ವ್ಯಾಪಾರ
ಮೇಳದಲ್ಲಿ ಒಟ್ಟು ರೂ.30,217 ವ್ಯವಹಾರ ನಡೆಯಿತು. ಈ ಪೈಕಿ 6ನೇ ತರಗತಿಯ ವಿದ್ಯಾರ್ಥಿ ರೂ.6499 ವ್ಯವಹಾರ ನಡೆಸಿ ಪ್ರಥಮ ಸ್ಥಾನ ಪಡೆದರು. ರೂ.3480 ವ್ಯವಹಾರ ನಡೆಸಿ ದ್ವಿತೀಯ ಸ್ಥಾನ ಪಡೆದರು.
